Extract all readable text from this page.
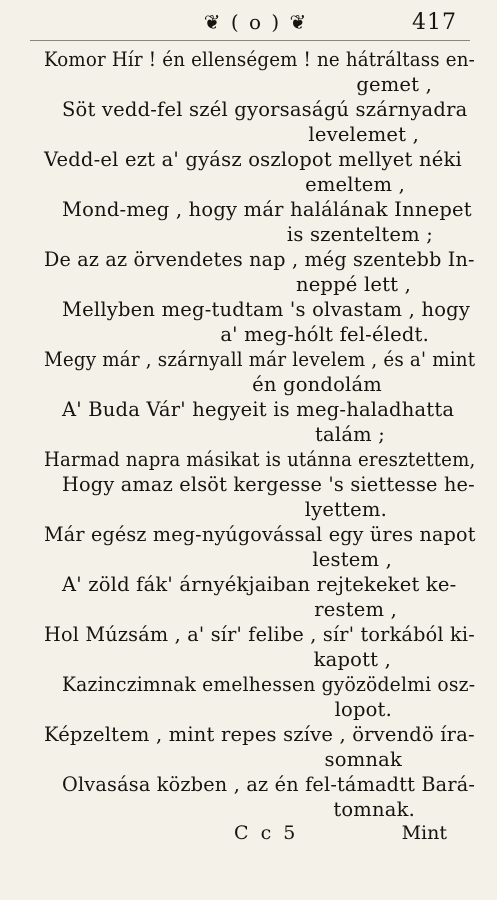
❦ ( o ) ❦	417
Komor Hír ! én ellenségem ! ne hátráltass en-
gemet ,
Söt vedd-fel szél gyorsaságú szárnyadra
levelemet ,
Vedd-el ezt a' gyász oszlopot mellyet néki
emeltem ,
Mond-meg , hogy már halálának Innepet
is szenteltem ;
De az az örvendetes nap , még szentebb In-
neppé lett ,
Mellyben meg-tudtam 's olvastam , hogy
a' meg-hólt fel-éledt.
Megy már , szárnyall már levelem , és a' mint
én gondolám
A' Buda Vár' hegyeit is meg-haladhatta
talám ;
Harmad napra másikat is utánna eresztettem,
Hogy amaz elsöt kergesse 's siettesse he-
lyettem.
Már egész meg-nyúgovással egy üres napot
lestem ,
A' zöld fák' árnyékjaiban rejtekeket ke-
restem ,
Hol Múzsám , a' sír' felibe , sír' torkából ki-
kapott ,
Kazinczimnak emelhessen gyözödelmi osz-
lopot.
Képzeltem , mint repes szíve , örvendö íra-
somnak
Olvasása közben , az én fel-támadtt Bará-
tomnak.
C c 5	Mint
